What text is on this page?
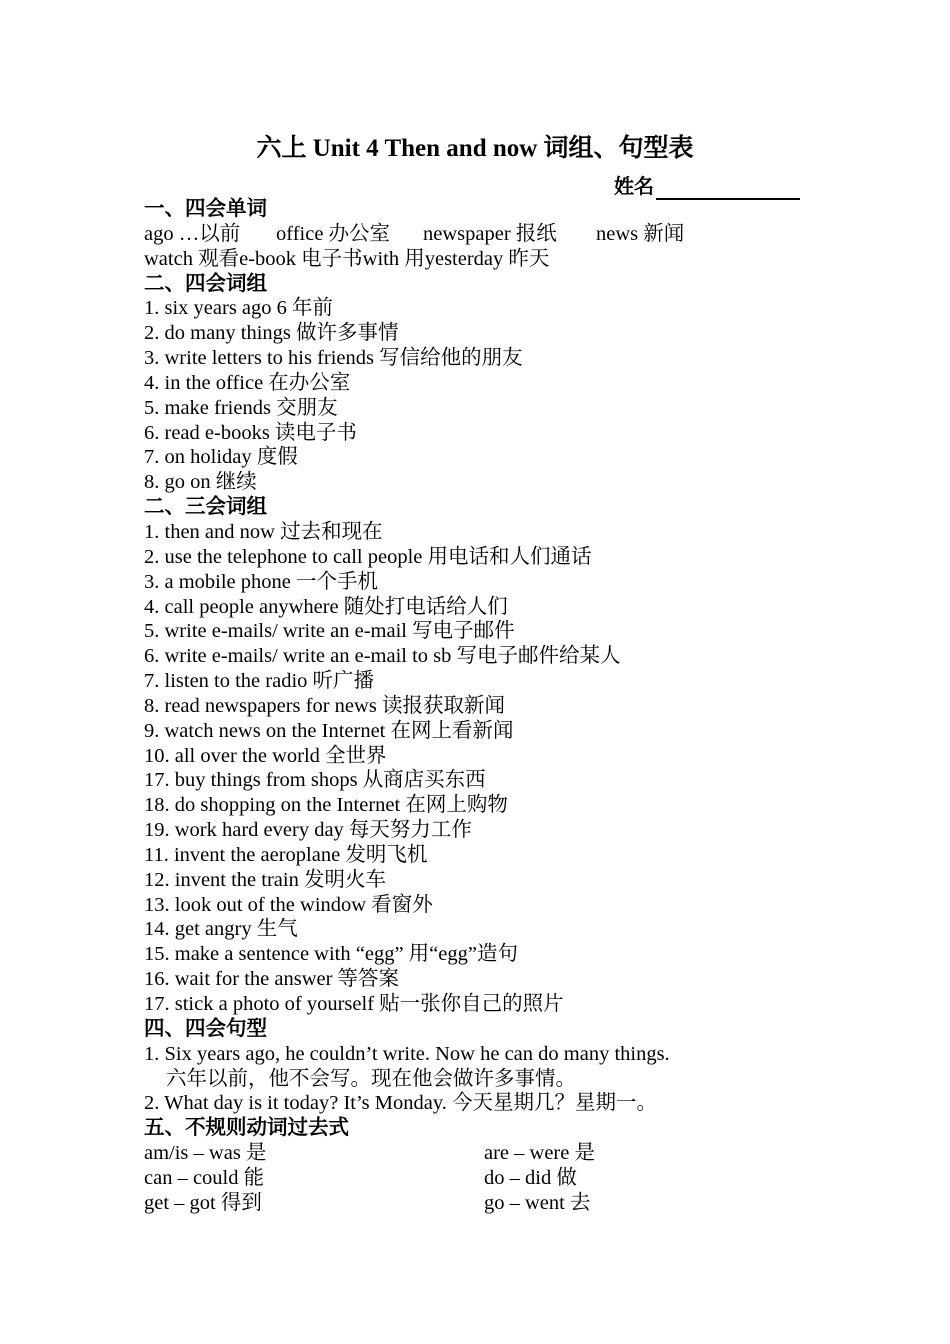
六上 Unit 4 Then and now 词组、句型表
姓名
一、四会单词
ago …以前 office 办公室 newspaper 报纸 news 新闻
watch 观看e-book 电子书with 用yesterday 昨天
二、四会词组
1. six years ago 6 年前
2. do many things 做许多事情
3. write letters to his friends 写信给他的朋友
4. in the office 在办公室
5. make friends 交朋友
6. read e-books 读电子书
7. on holiday 度假
8. go on 继续
二、三会词组
1. then and now 过去和现在
2. use the telephone to call people 用电话和人们通话
3. a mobile phone 一个手机
4. call people anywhere 随处打电话给人们
5. write e-mails/ write an e-mail 写电子邮件
6. write e-mails/ write an e-mail to sb 写电子邮件给某人
7. listen to the radio 听广播
8. read newspapers for news 读报获取新闻
9. watch news on the Internet 在网上看新闻
10. all over the world 全世界
17. buy things from shops 从商店买东西
18. do shopping on the Internet 在网上购物
19. work hard every day 每天努力工作
11. invent the aeroplane 发明飞机
12. invent the train 发明火车
13. look out of the window 看窗外
14. get angry 生气
15. make a sentence with “egg” 用“egg”造句
16. wait for the answer 等答案
17. stick a photo of yourself 贴一张你自己的照片
四、四会句型
1. Six years ago, he couldn’t write. Now he can do many things.
六年以前，他不会写。现在他会做许多事情。
2. What day is it today? It’s Monday. 今天星期几？星期一。
五、不规则动词过去式
am/is – was 是	are – were 是
can – could 能	do – did 做
get – got 得到	go – went 去
